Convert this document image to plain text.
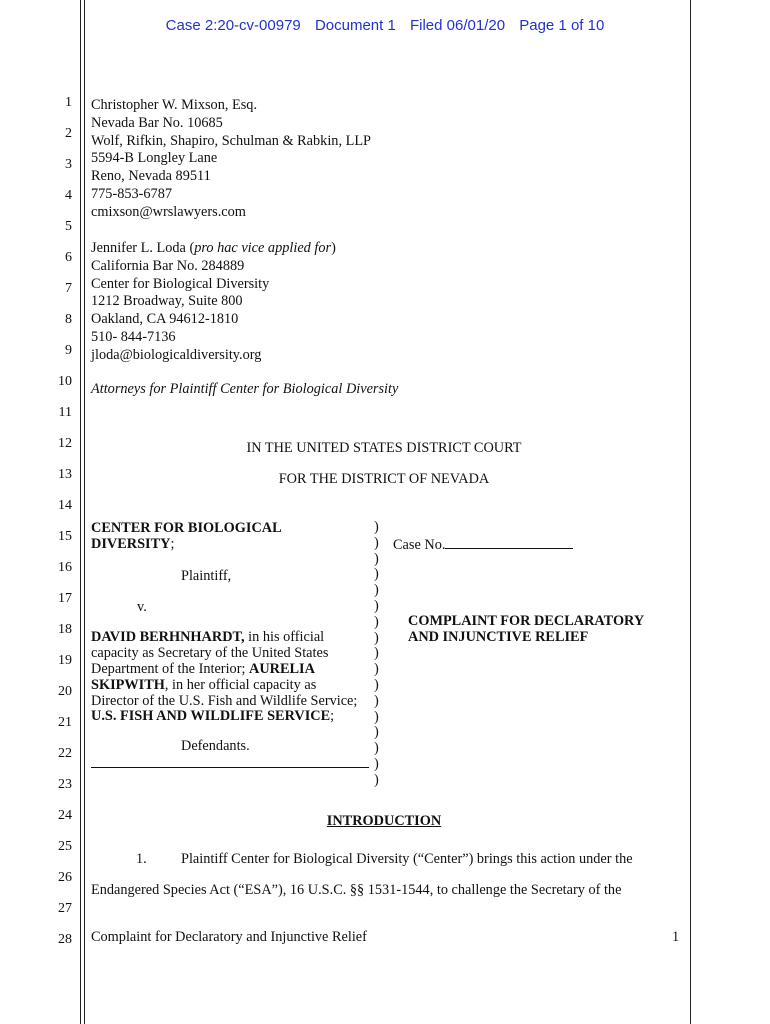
Case 2:20-cv-00979 Document 1 Filed 06/01/20 Page 1 of 10
1
2
3
4
5
6
7
8
9
10
11
12
13
14
15
16
17
18
19
20
21
22
23
24
25
26
27
28
Christopher W. Mixson, Esq.
Nevada Bar No. 10685
Wolf, Rifkin, Shapiro, Schulman & Rabkin, LLP
5594-B Longley Lane
Reno, Nevada 89511
775-853-6787
cmixson@wrslawyers.com
Jennifer L. Loda (pro hac vice applied for)
California Bar No. 284889
Center for Biological Diversity
1212 Broadway, Suite 800
Oakland, CA 94612-1810
510- 844-7136
jloda@biologicaldiversity.org
Attorneys for Plaintiff Center for Biological Diversity
IN THE UNITED STATES DISTRICT COURT
FOR THE DISTRICT OF NEVADA
CENTER FOR BIOLOGICAL
DIVERSITY;
Plaintiff,
v.
DAVID BERHNHARDT, in his official
capacity as Secretary of the United States
Department of the Interior; AURELIA
SKIPWITH, in her official capacity as
Director of the U.S. Fish and Wildlife Service;
U.S. FISH AND WILDLIFE SERVICE;
Defendants.
)
)
)
)
)
)
)
)
)
)
)
)
)
)
)
)
)
Case No.
COMPLAINT FOR DECLARATORY
AND INJUNCTIVE RELIEF
INTRODUCTION
1. Plaintiff Center for Biological Diversity (“Center”) brings this action under the
Endangered Species Act (“ESA”), 16 U.S.C. §§ 1531-1544, to challenge the Secretary of the
Complaint for Declaratory and Injunctive Relief	1
